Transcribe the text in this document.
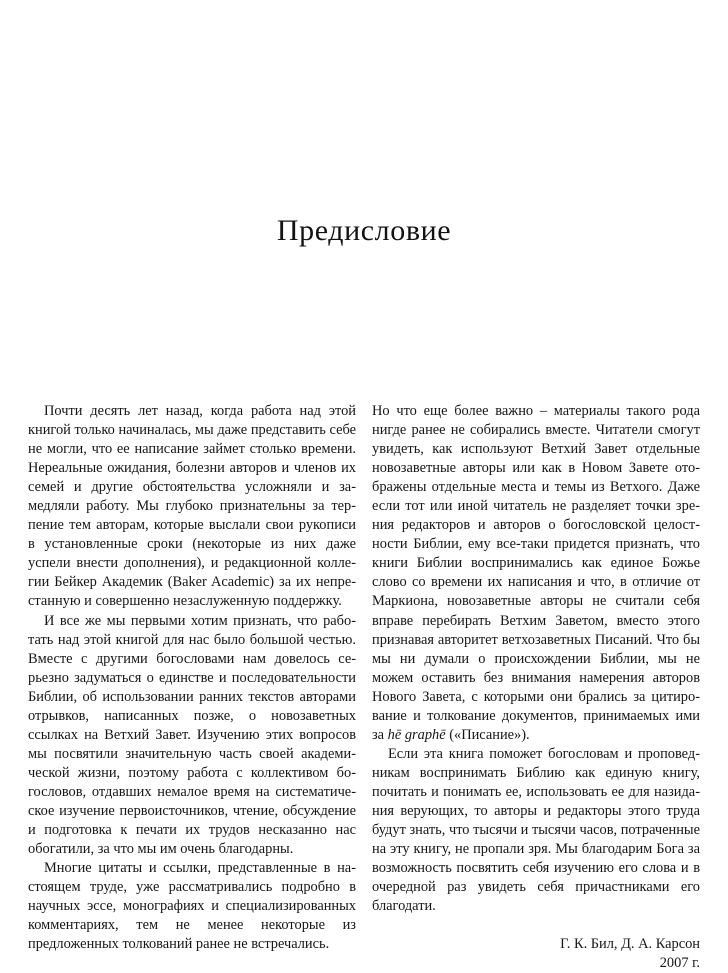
Предисловие

Почти десять лет назад, когда работа над этой книгой только начиналась, мы даже представить себе не могли, что ее написание займет столько времени. Нереальные ожидания, болезни авторов и членов их семей и другие обстоятельства усложняли и замедляли работу. Мы глубоко признательны за терпение тем авторам, которые выслали свои рукописи в установленные сроки (некоторые из них даже успели внести дополнения), и редакционной коллегии Бейкер Академик (Baker Academic) за их непрестанную и совершенно незаслуженную поддержку.

И все же мы первыми хотим признать, что работать над этой книгой для нас было большой честью. Вместе с другими богословами нам довелось серьезно задуматься о единстве и последовательности Библии, об использовании ранних текстов авторами отрывков, написанных позже, о новозаветных ссылках на Ветхий Завет. Изучению этих вопросов мы посвятили значительную часть своей академической жизни, поэтому работа с коллективом богословов, отдавших немалое время на систематическое изучение первоисточников, чтение, обсуждение и подготовка к печати их трудов несказанно нас обогатили, за что мы им очень благодарны.

Многие цитаты и ссылки, представленные в настоящем труде, уже рассматривались подробно в научных эссе, монографиях и специализированных комментариях, тем не менее некоторые из предложенных толкований ранее не встречались.

Но что еще более важно – материалы такого рода нигде ранее не собирались вместе. Читатели смогут увидеть, как используют Ветхий Завет отдельные новозаветные авторы или как в Новом Завете отображены отдельные места и темы из Ветхого. Даже если тот или иной читатель не разделяет точки зрения редакторов и авторов о богословской целостности Библии, ему все-таки придется признать, что книги Библии воспринимались как единое Божье слово со времени их написания и что, в отличие от Маркиона, новозаветные авторы не считали себя вправе перебирать Ветхим Заветом, вместо этого признавая авторитет ветхозаветных Писаний. Что бы мы ни думали о происхождении Библии, мы не можем оставить без внимания намерения авторов Нового Завета, с которыми они брались за цитирование и толкование документов, принимаемых ими за hē graphē («Писание»).

Если эта книга поможет богословам и проповедникам воспринимать Библию как единую книгу, почитать и понимать ее, использовать ее для назидания верующих, то авторы и редакторы этого труда будут знать, что тысячи и тысячи часов, потраченные на эту книгу, не пропали зря. Мы благодарим Бога за возможность посвятить себя изучению его слова и в очередной раз увидеть себя причастниками его благодати.

Г. К. Бил, Д. А. Карсон
2007 г.
